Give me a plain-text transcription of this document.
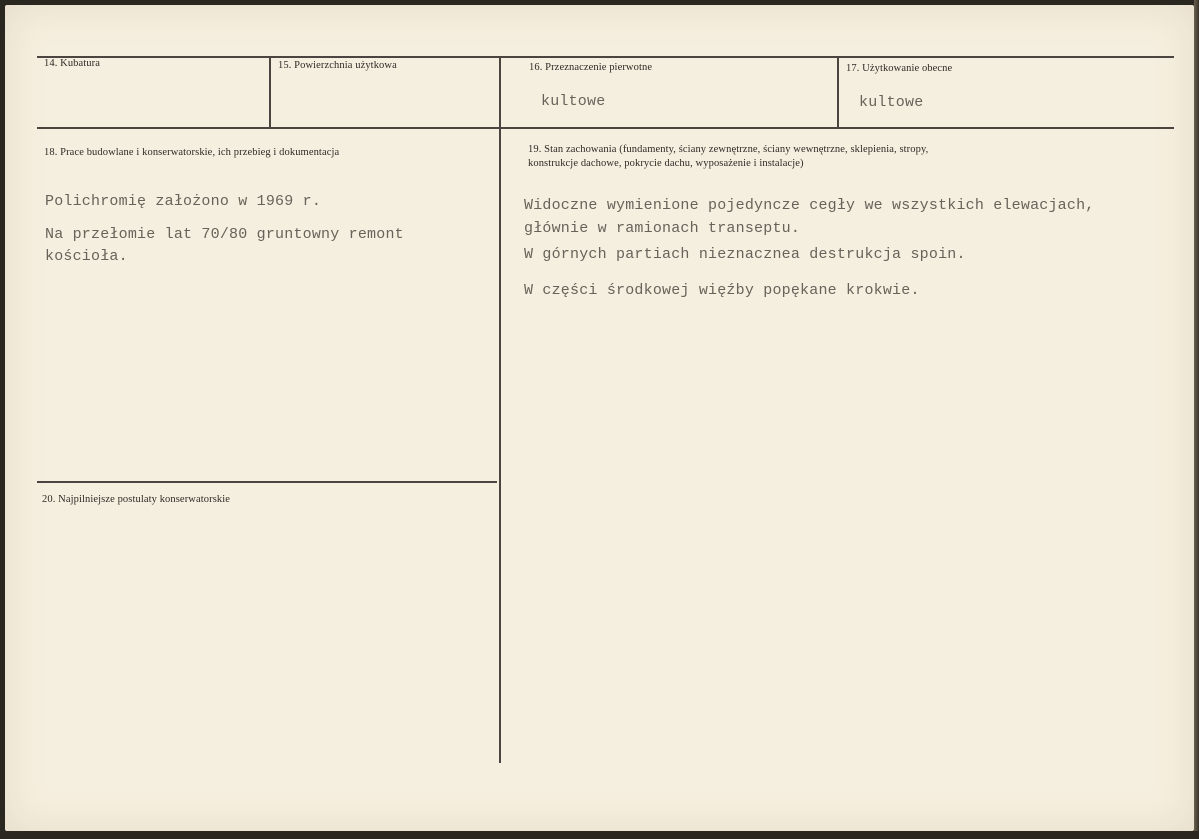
14. Kubatura	15. Powierzchnia użytkowa	16. Przeznaczenie pierwotne
kultowe
17. Użytkowanie obecne
kultowe
18. Prace budowlane i konserwatorskie, ich przebieg i dokumentacja
Polichromię założono w 1969 r.
Na przełomie lat 70/80 gruntowny remont
kościoła.
19. Stan zachowania (fundamenty, ściany zewnętrzne, ściany wewnętrzne, sklepienia, stropy,
konstrukcje dachowe, pokrycie dachu, wyposażenie i instalacje)
Widoczne wymienione pojedyncze cegły we wszystkich elewacjach,
głównie w ramionach transeptu.
W górnych partiach nieznacznea destrukcja spoin.
W części środkowej więźby popękane krokwie.
20. Najpilniejsze postulaty konserwatorskie
